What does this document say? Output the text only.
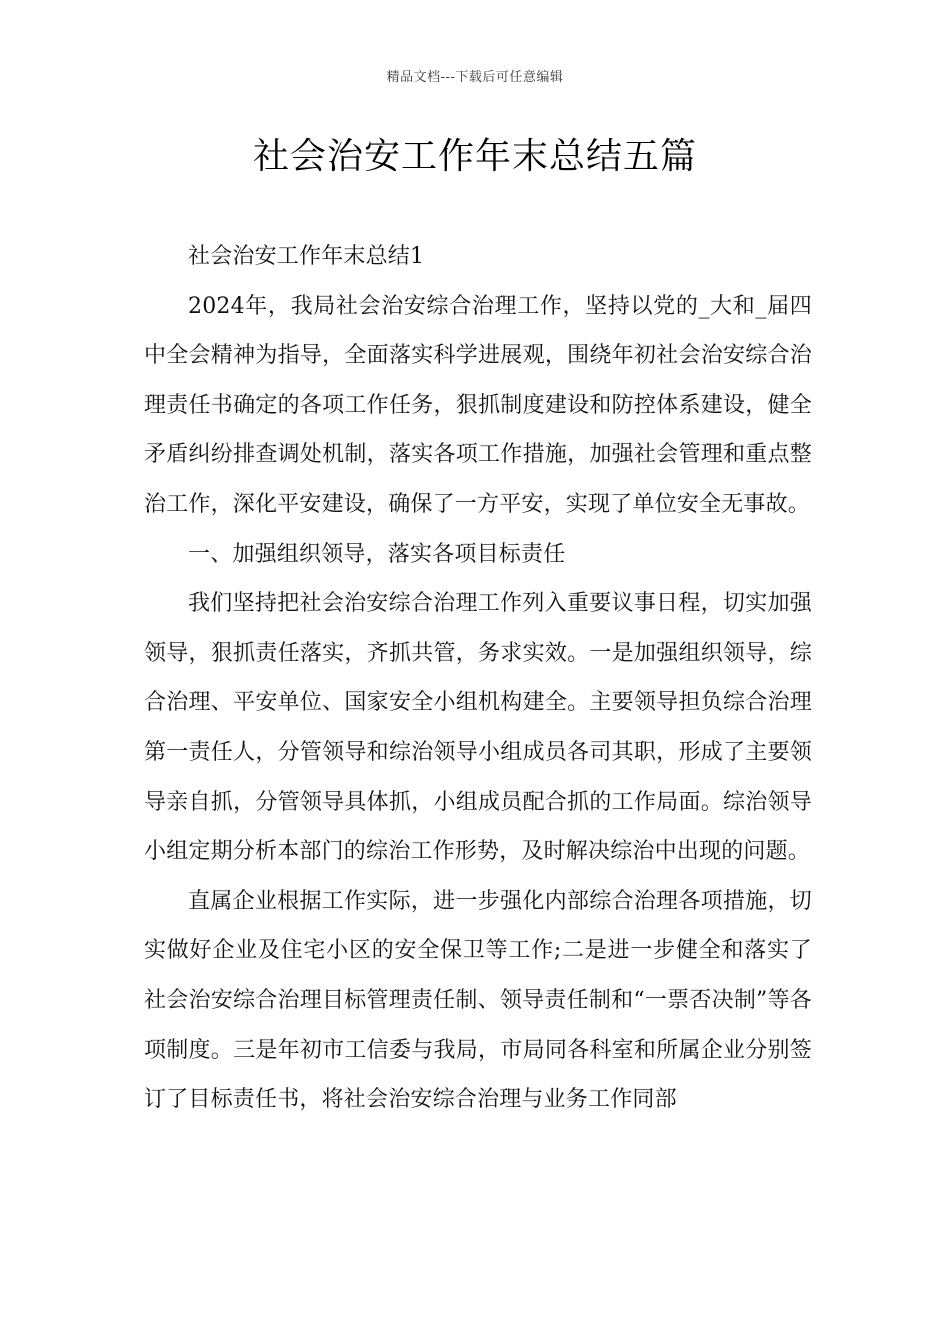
精品文档---下载后可任意编辑
社会治安工作年末总结五篇

社会治安工作年末总结1

2024年，我局社会治安综合治理工作，坚持以党的_大和_届四中全会精神为指导，全面落实科学进展观，围绕年初社会治安综合治理责任书确定的各项工作任务，狠抓制度建设和防控体系建设，健全矛盾纠纷排查调处机制，落实各项工作措施，加强社会管理和重点整治工作，深化平安建设，确保了一方平安，实现了单位安全无事故。

一、加强组织领导，落实各项目标责任

我们坚持把社会治安综合治理工作列入重要议事日程，切实加强领导，狠抓责任落实，齐抓共管，务求实效。一是加强组织领导，综合治理、平安单位、国家安全小组机构建全。主要领导担负综合治理第一责任人，分管领导和综治领导小组成员各司其职，形成了主要领导亲自抓，分管领导具体抓，小组成员配合抓的工作局面。综治领导小组定期分析本部门的综治工作形势，及时解决综治中出现的问题。

直属企业根据工作实际，进一步强化内部综合治理各项措施，切实做好企业及住宅小区的安全保卫等工作;二是进一步健全和落实了社会治安综合治理目标管理责任制、领导责任制和“一票否决制”等各项制度。三是年初市工信委与我局，市局同各科室和所属企业分别签订了目标责任书，将社会治安综合治理与业务工作同部
